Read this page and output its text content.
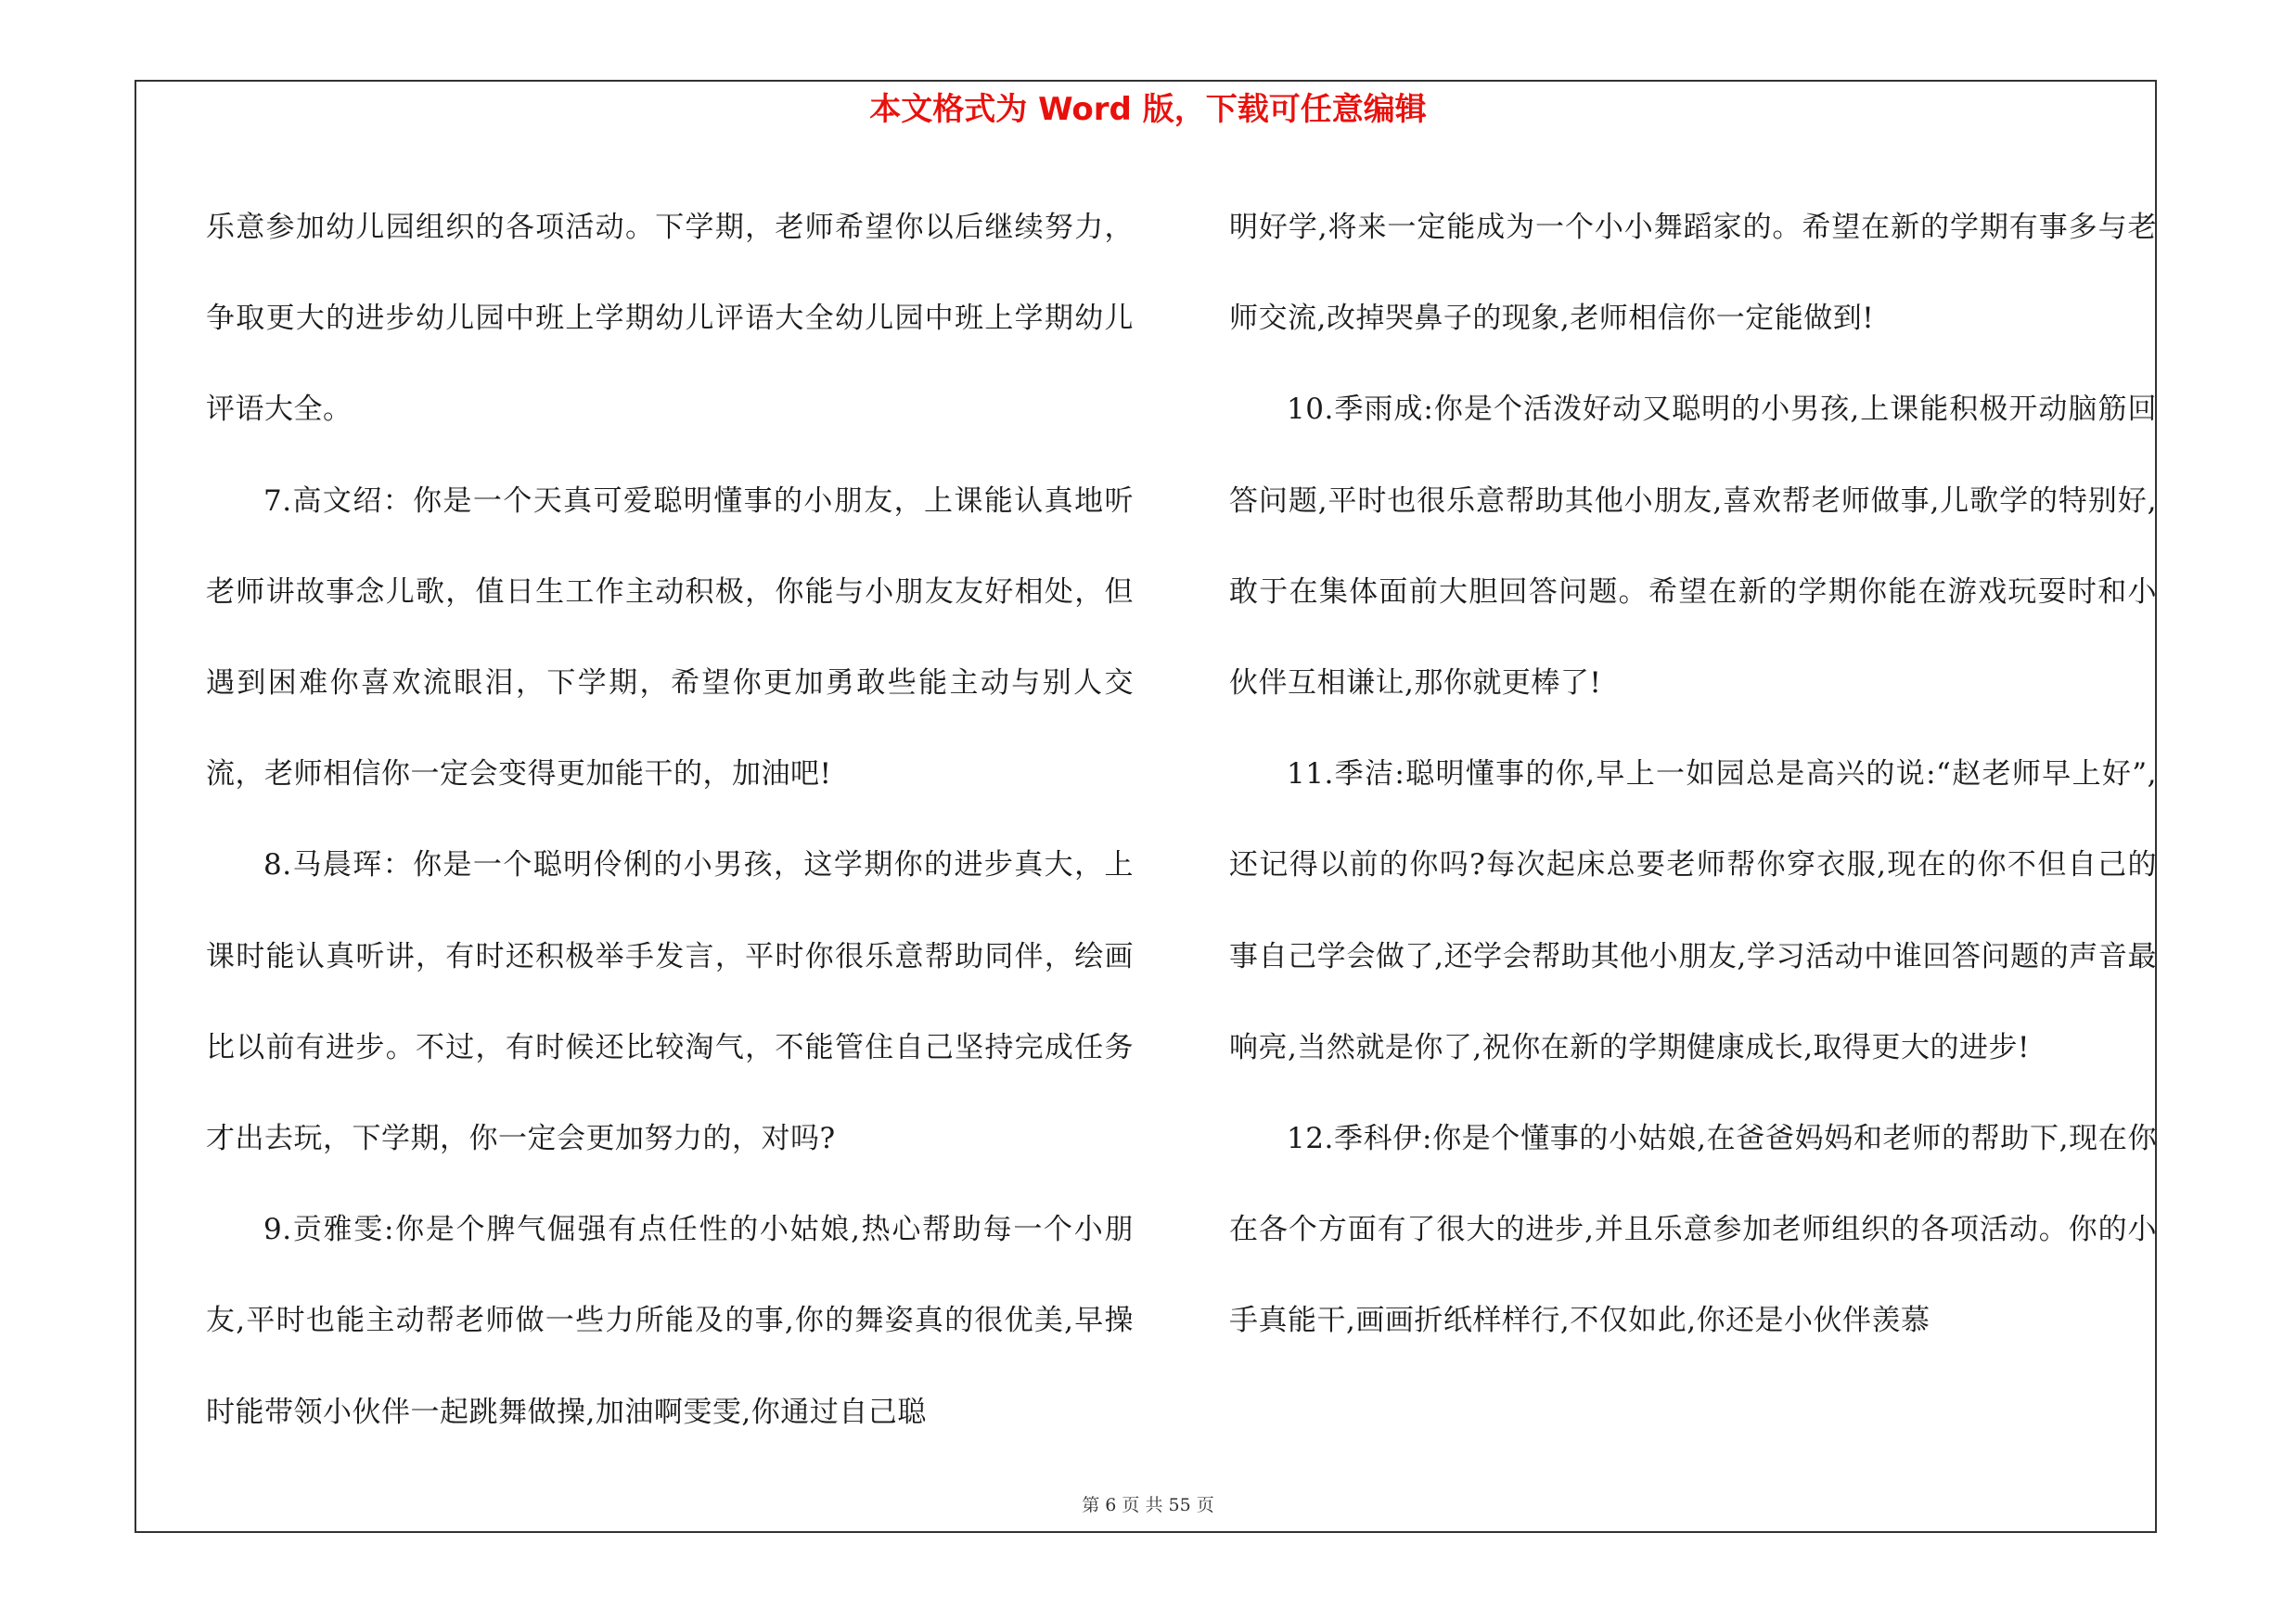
本文格式为 Word 版，下载可任意编辑

乐意参加幼儿园组织的各项活动。下学期，老师希望你以后继续努力，争取更大的进步幼儿园中班上学期幼儿评语大全幼儿园中班上学期幼儿评语大全。

7.高文绍：你是一个天真可爱聪明懂事的小朋友，上课能认真地听老师讲故事念儿歌，值日生工作主动积极，你能与小朋友友好相处，但遇到困难你喜欢流眼泪，下学期，希望你更加勇敢些能主动与别人交流，老师相信你一定会变得更加能干的，加油吧!

8.马晨珲：你是一个聪明伶俐的小男孩，这学期你的进步真大，上课时能认真听讲，有时还积极举手发言，平时你很乐意帮助同伴，绘画比以前有进步。不过，有时候还比较淘气，不能管住自己坚持完成任务才出去玩，下学期，你一定会更加努力的，对吗?

9.贡雅雯:你是个脾气倔强有点任性的小姑娘,热心帮助每一个小朋友,平时也能主动帮老师做一些力所能及的事,你的舞姿真的很优美,早操时能带领小伙伴一起跳舞做操,加油啊雯雯,你通过自己聪

明好学,将来一定能成为一个小小舞蹈家的。希望在新的学期有事多与老师交流,改掉哭鼻子的现象,老师相信你一定能做到!

10.季雨成:你是个活泼好动又聪明的小男孩,上课能积极开动脑筋回答问题,平时也很乐意帮助其他小朋友,喜欢帮老师做事,儿歌学的特别好,敢于在集体面前大胆回答问题。希望在新的学期你能在游戏玩耍时和小伙伴互相谦让,那你就更棒了!

11.季洁:聪明懂事的你,早上一如园总是高兴的说:“赵老师早上好”,还记得以前的你吗?每次起床总要老师帮你穿衣服,现在的你不但自己的事自己学会做了,还学会帮助其他小朋友,学习活动中谁回答问题的声音最响亮,当然就是你了,祝你在新的学期健康成长,取得更大的进步!

12.季科伊:你是个懂事的小姑娘,在爸爸妈妈和老师的帮助下,现在你在各个方面有了很大的进步,并且乐意参加老师组织的各项活动。你的小手真能干,画画折纸样样行,不仅如此,你还是小伙伴羡慕

第 6 页 共 55 页
